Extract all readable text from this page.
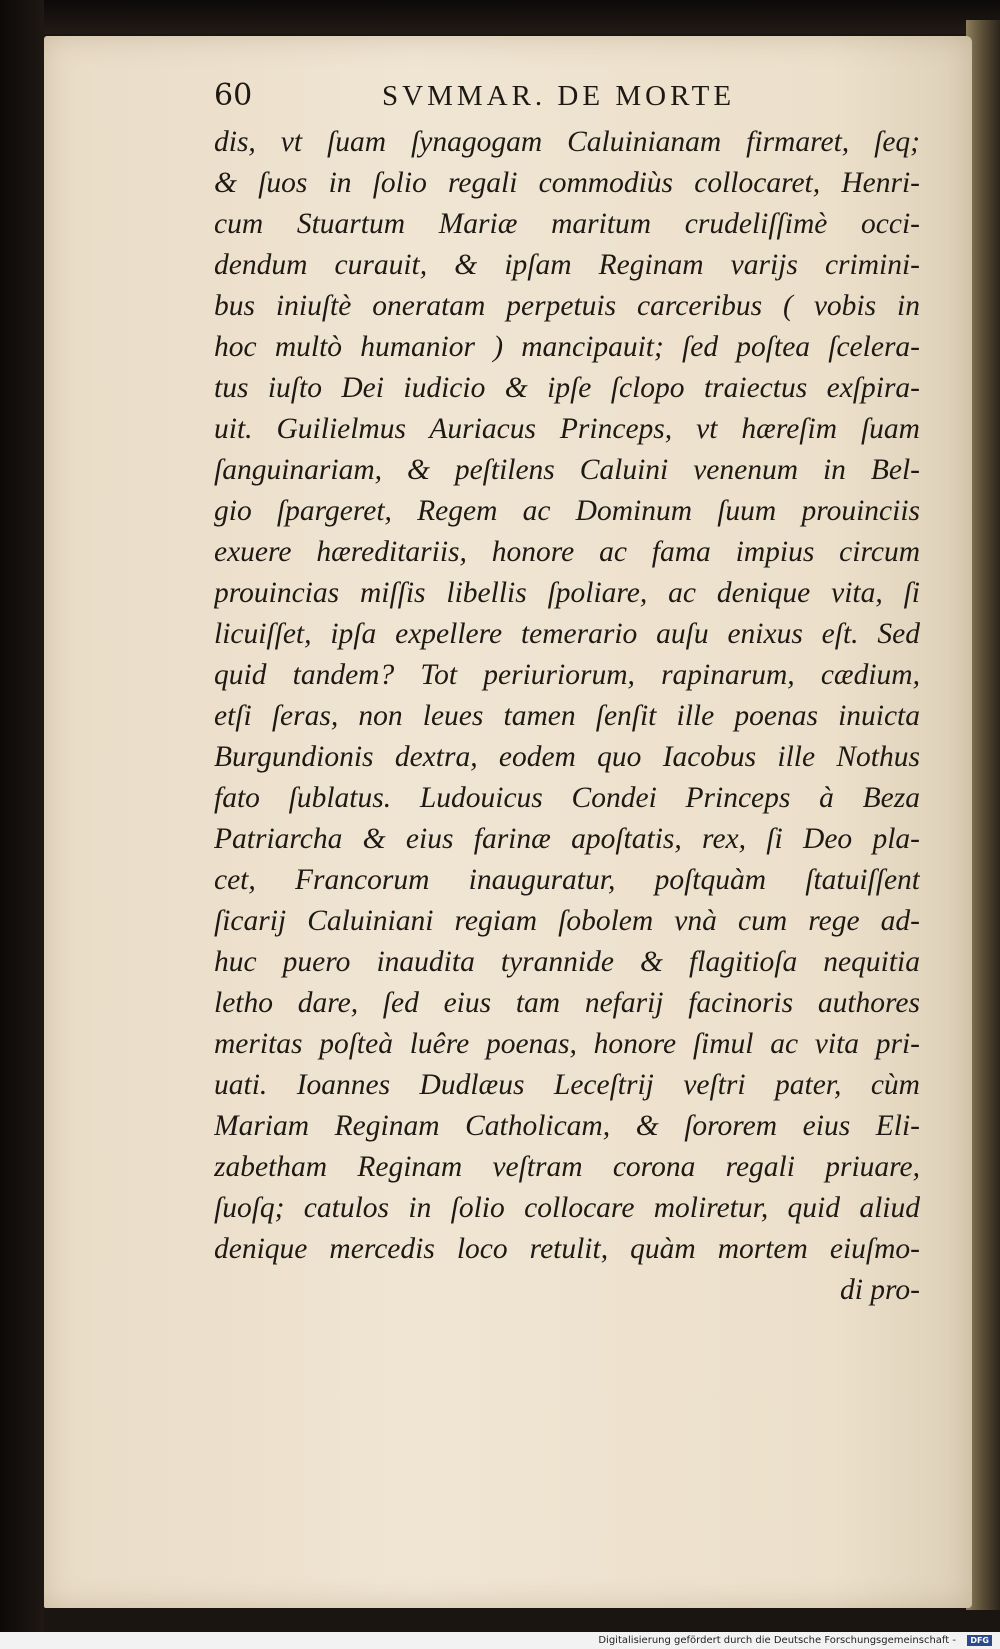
60	SVMMAR. DE MORTE
dis, vt ſuam ſynagogam Caluinianam firmaret, ſeq;
& ſuos in ſolio regali commodiùs collocaret, Henri-
cum Stuartum Mariæ maritum crudeliſſimè occi-
dendum curauit, & ipſam Reginam varijs crimini-
bus iniuſtè oneratam perpetuis carceribus ( vobis in
hoc multò humanior ) mancipauit; ſed poſtea ſcelera-
tus iuſto Dei iudicio & ipſe ſclopo traiectus exſpira-
uit. Guilielmus Auriacus Princeps, vt hæreſim ſuam
ſanguinariam, & peſtilens Caluini venenum in Bel-
gio ſpargeret, Regem ac Dominum ſuum prouinciis
exuere hæreditariis, honore ac fama impius circum
prouincias miſſis libellis ſpoliare, ac denique vita, ſi
licuiſſet, ipſa expellere temerario auſu enixus eſt. Sed
quid tandem? Tot periuriorum, rapinarum, cædium,
etſi ſeras, non leues tamen ſenſit ille poenas inuicta
Burgundionis dextra, eodem quo Iacobus ille Nothus
fato ſublatus. Ludouicus Condei Princeps à Beza
Patriarcha & eius farinæ apoſtatis, rex, ſi Deo pla-
cet, Francorum inauguratur, poſtquàm ſtatuiſſent
ſicarij Caluiniani regiam ſobolem vnà cum rege ad-
huc puero inaudita tyrannide & flagitioſa nequitia
letho dare, ſed eius tam nefarij facinoris authores
meritas poſteà luêre poenas, honore ſimul ac vita pri-
uati. Ioannes Dudlæus Leceſtrij veſtri pater, cùm
Mariam Reginam Catholicam, & ſororem eius Eli-
zabetham Reginam veſtram corona regali priuare,
ſuoſq; catulos in ſolio collocare moliretur, quid aliud
denique mercedis loco retulit, quàm mortem eiuſmo-
di pro-
Digitalisierung gefördert durch die Deutsche Forschungsgemeinschaft -	DFG
